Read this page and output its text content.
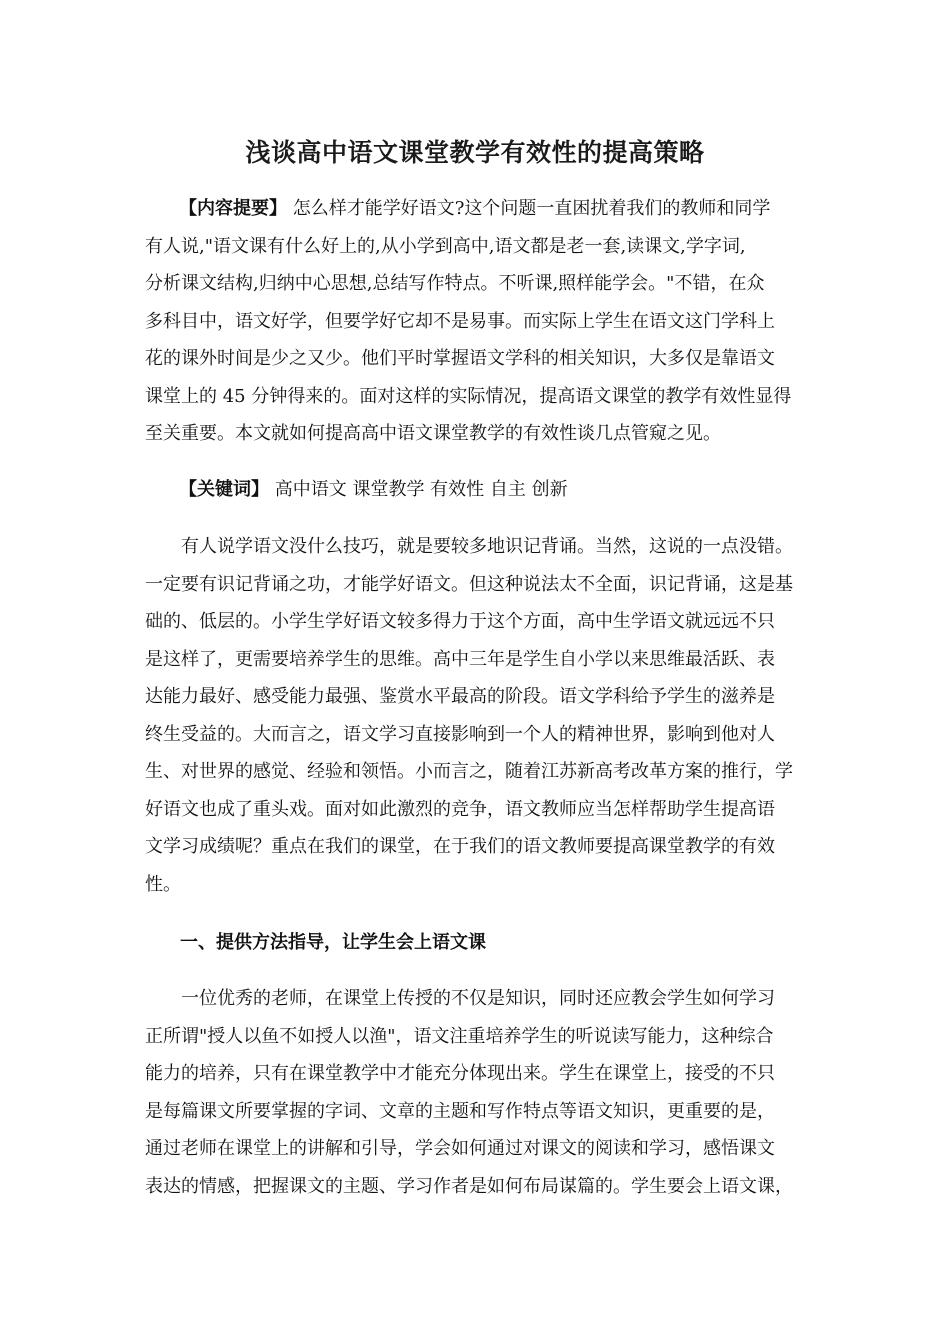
浅谈高中语文课堂教学有效性的提高策略
【内容提要】 怎么样才能学好语文?这个问题一直困扰着我们的教师和同学
有人说,"语文课有什么好上的,从小学到高中,语文都是老一套,读课文,学字词,
分析课文结构,归纳中心思想,总结写作特点。不听课,照样能学会。"不错，在众
多科目中，语文好学，但要学好它却不是易事。而实际上学生在语文这门学科上
花的课外时间是少之又少。他们平时掌握语文学科的相关知识，大多仅是靠语文
课堂上的 45 分钟得来的。面对这样的实际情况，提高语文课堂的教学有效性显得
至关重要。本文就如何提高高中语文课堂教学的有效性谈几点管窥之见。
【关键词】 高中语文 课堂教学 有效性 自主 创新
　　有人说学语文没什么技巧，就是要较多地识记背诵。当然，这说的一点没错。
一定要有识记背诵之功，才能学好语文。但这种说法太不全面，识记背诵，这是基
础的、低层的。小学生学好语文较多得力于这个方面，高中生学语文就远远不只
是这样了，更需要培养学生的思维。高中三年是学生自小学以来思维最活跃、表
达能力最好、感受能力最强、鉴赏水平最高的阶段。语文学科给予学生的滋养是
终生受益的。大而言之，语文学习直接影响到一个人的精神世界，影响到他对人
生、对世界的感觉、经验和领悟。小而言之，随着江苏新高考改革方案的推行，学
好语文也成了重头戏。面对如此激烈的竞争，语文教师应当怎样帮助学生提高语
文学习成绩呢？重点在我们的课堂，在于我们的语文教师要提高课堂教学的有效
性。
一、提供方法指导，让学生会上语文课
　　一位优秀的老师，在课堂上传授的不仅是知识，同时还应教会学生如何学习
正所谓"授人以鱼不如授人以渔"，语文注重培养学生的听说读写能力，这种综合
能力的培养，只有在课堂教学中才能充分体现出来。学生在课堂上，接受的不只
是每篇课文所要掌握的字词、文章的主题和写作特点等语文知识，更重要的是，
通过老师在课堂上的讲解和引导，学会如何通过对课文的阅读和学习，感悟课文
表达的情感，把握课文的主题、学习作者是如何布局谋篇的。学生要会上语文课，
